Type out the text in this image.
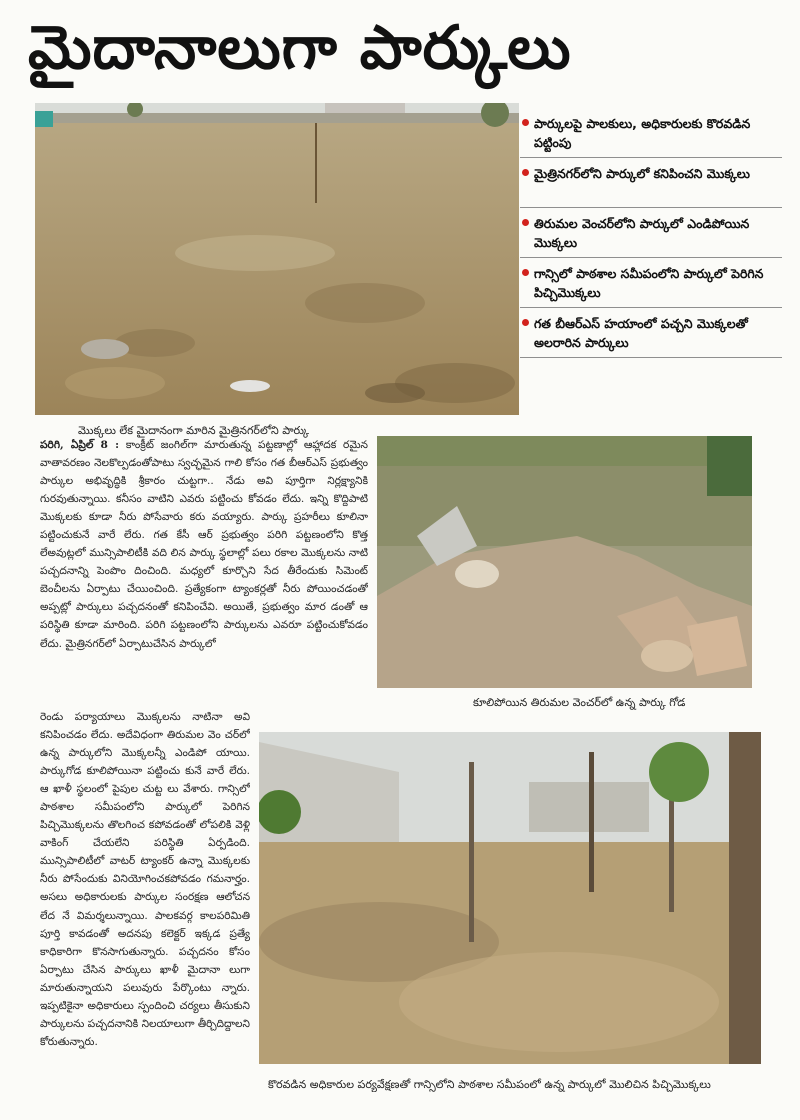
మైదానాలుగా పార్కులు
మొక్కలు లేక మైదానంగా మారిన మైత్రినగర్‌లోని పార్కు
పార్కులపై పాలకులు, అధికారులకు కొరవడిన పట్టింపు
మైత్రినగర్‌లోని పార్కులో కనిపించని మొక్కలు
తిరుమల వెంచర్‌లోని పార్కులో ఎండిపోయిన మొక్కలు
గాన్సిలో పాఠశాల సమీపంలోని పార్కులో పెరిగిన పిచ్చిమొక్కలు
గత బీఆర్‌ఎస్ హయాంలో పచ్చని మొక్కలతో అలరారిన పార్కులు
కూలిపోయిన తిరుమల వెంచర్‌లో ఉన్న పార్కు గోడ
కొరవడిన అధికారుల పర్యవేక్షణతో గాన్సిలోని పాఠశాల సమీపంలో ఉన్న పార్కులో మొలిచిన పిచ్చిమొక్కలు
పరిగి, ఏప్రిల్ 8 : కాంక్రీట్ జంగిల్‌గా మారుతున్న పట్టణాల్లో ఆహ్లాదక రమైన వాతావరణం నెలకొల్పడంతోపాటు స్వచ్ఛమైన గాలి కోసం గత బీఆర్‌ఎస్ ప్రభుత్వం పార్కుల అభివృద్ధికి శ్రీకారం చుట్టగా.. నేడు అవి పూర్తిగా నిర్లక్ష్యానికి గురవుతున్నాయి. కనీసం వాటిని ఎవరు పట్టించు కోవడం లేదు. ఇన్ని కొద్దిపాటి మొక్కలకు కూడా నీరు పోసేవారు కరు వయ్యారు. పార్కు ప్రహరీలు కూలినా పట్టించుకునే వారే లేరు. గత కేసీ ఆర్ ప్రభుత్వం పరిగి పట్టణంలోని కొత్త లేఅవుట్లలో మున్సిపాలిటీకి వది లిన పార్కు స్థలాల్లో పలు రకాల మొక్కలను నాటి పచ్చదనాన్ని పెంపొం దించింది. మధ్యలో కూర్చొని సేద తీరేందుకు సిమెంట్ బెంచీలను ఏర్పాటు చేయించింది. ప్రత్యేకంగా ట్యాంకర్లతో నీరు పోయించడంతో అప్పట్లో పార్కులు పచ్చదనంతో కనిపించేవి. అయితే, ప్రభుత్వం మార డంతో ఆ పరిస్థితి కూడా మారింది. పరిగి పట్టణంలోని పార్కులను ఎవరూ పట్టించుకోవడం లేదు. మైత్రినగర్‌లో ఏర్పాటుచేసిన పార్కులో
రెండు పర్యాయాలు మొక్కలను నాటినా అవి కనిపించడం లేదు. అదేవిధంగా తిరుమల వెం చర్‌లో ఉన్న పార్కులోని మొక్కలన్నీ ఎండిపో యాయి. పార్కుగోడ కూలిపోయినా పట్టించు కునే వారే లేరు. ఆ ఖాళీ స్థలంలో పైపుల చుట్ట లు వేశారు. గాన్సిలో పాఠశాల సమీపంలోని పార్కులో పెరిగిన పిచ్చిమొక్కలను తొలగించ కపోవడంతో లోపలికి వెళ్లి వాకింగ్ చేయలేని పరిస్థితి ఏర్పడింది. మున్సిపాలిటీలో వాటర్ ట్యాంకర్ ఉన్నా మొక్కలకు నీరు పోసేందుకు వినియోగించకపోవడం గమనార్హం. అసలు అధికారులకు పార్కుల సంరక్షణ ఆలోచన లేద నే విమర్శలున్నాయి. పాలకవర్గ కాలపరిమితి పూర్తి కావడంతో అదనపు కలెక్టర్ ఇక్కడ ప్రత్యే కాధికారిగా కొనసాగుతున్నారు. పచ్చదనం కోసం ఏర్పాటు చేసిన పార్కులు ఖాళీ మైదానా లుగా మారుతున్నాయని పలువురు పేర్కొంటు న్నారు. ఇప్పటికైనా అధికారులు స్పందించి చర్యలు తీసుకుని పార్కులను పచ్చదనానికి నిలయాలుగా తీర్చిదిద్దాలని కోరుతున్నారు.
